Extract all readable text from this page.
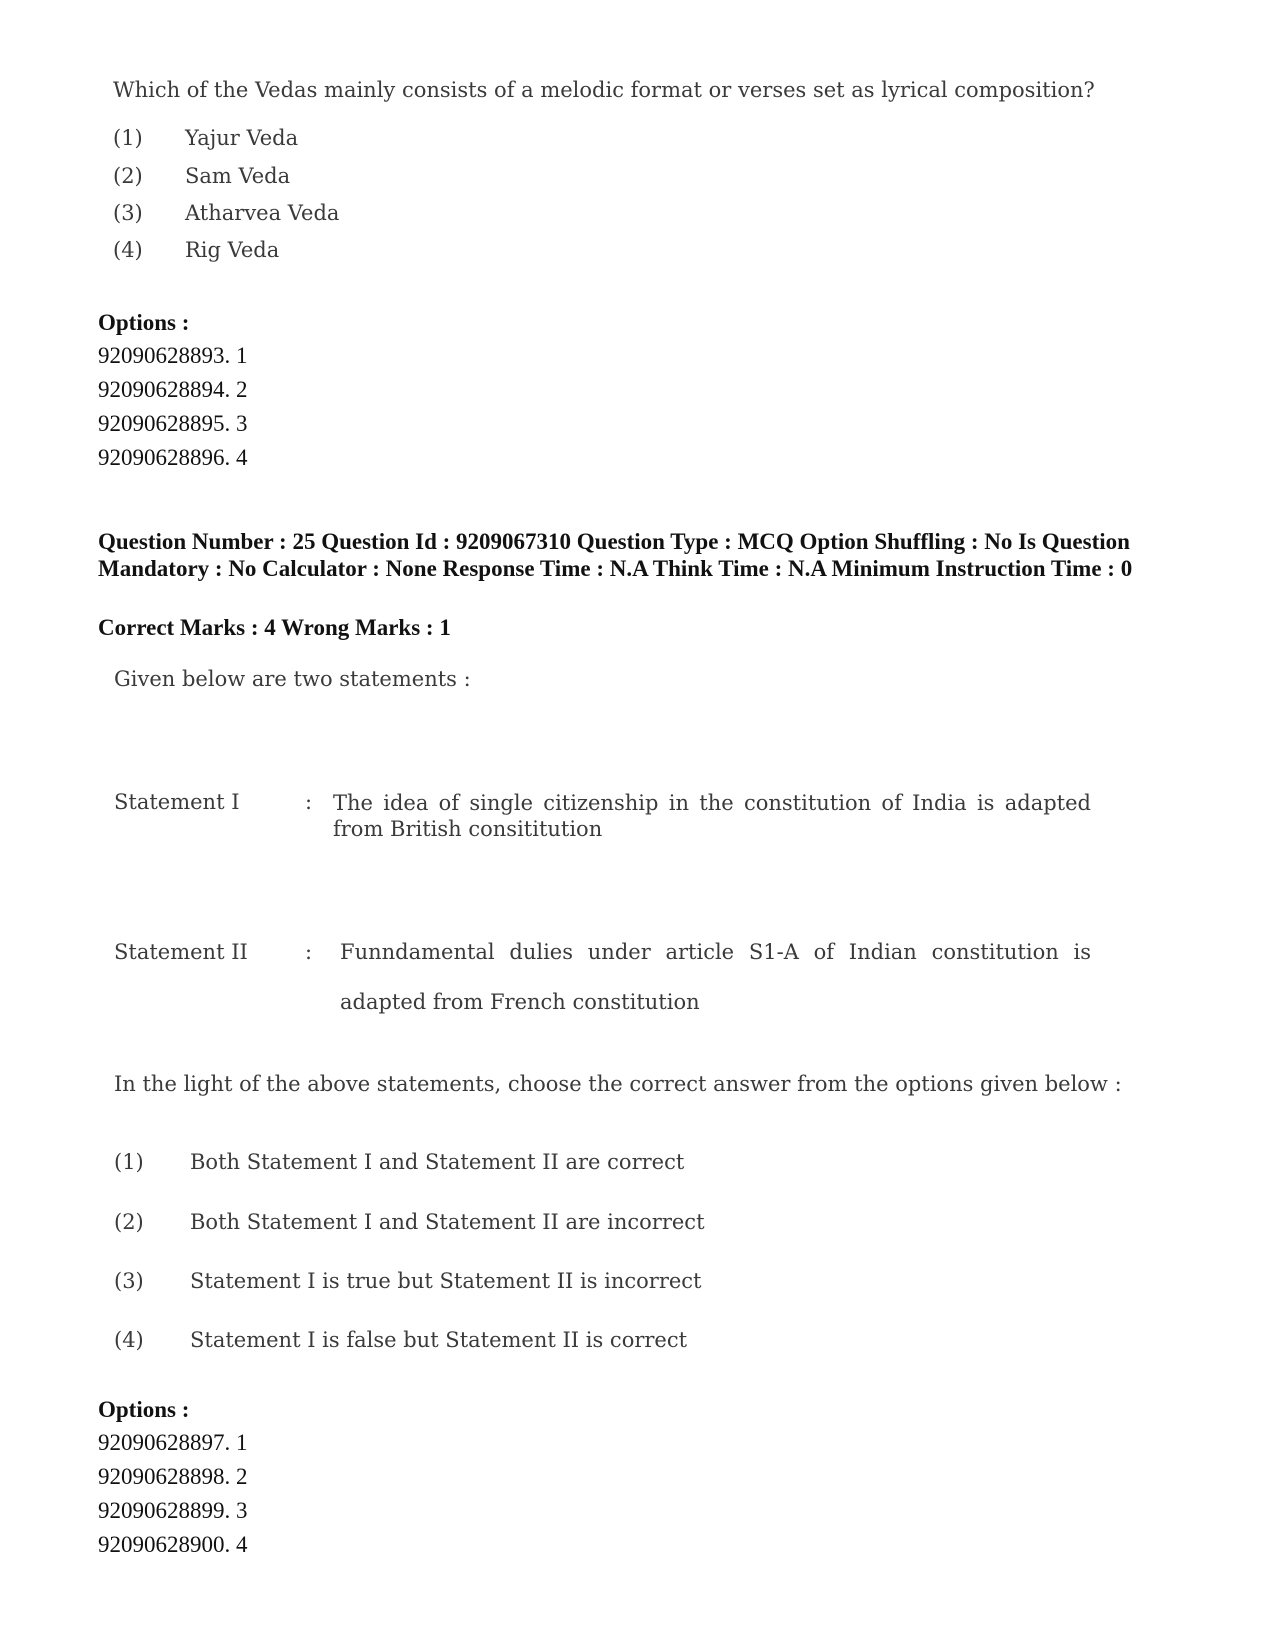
Which of the Vedas mainly consists of a melodic format or verses set as lyrical composition?
(1) Yajur Veda
(2) Sam Veda
(3) Atharvea Veda
(4) Rig Veda
Options :
92090628893. 1
92090628894. 2
92090628895. 3
92090628896. 4
Question Number : 25 Question Id : 9209067310 Question Type : MCQ Option Shuffling : No Is Question Mandatory : No Calculator : None Response Time : N.A Think Time : N.A Minimum Instruction Time : 0
Correct Marks : 4 Wrong Marks : 1
Given below are two statements :
Statement I	: The idea of single citizenship in the constitution of India is adapted from British consititution
Statement II	: Funndamental dulies under article S1-A of Indian constitution is
adapted from French constitution
In the light of the above statements, choose the correct answer from the options given below :
(1) Both Statement I and Statement II are correct
(2) Both Statement I and Statement II are incorrect
(3) Statement I is true but Statement II is incorrect
(4) Statement I is false but Statement II is correct
Options :
92090628897. 1
92090628898. 2
92090628899. 3
92090628900. 4
